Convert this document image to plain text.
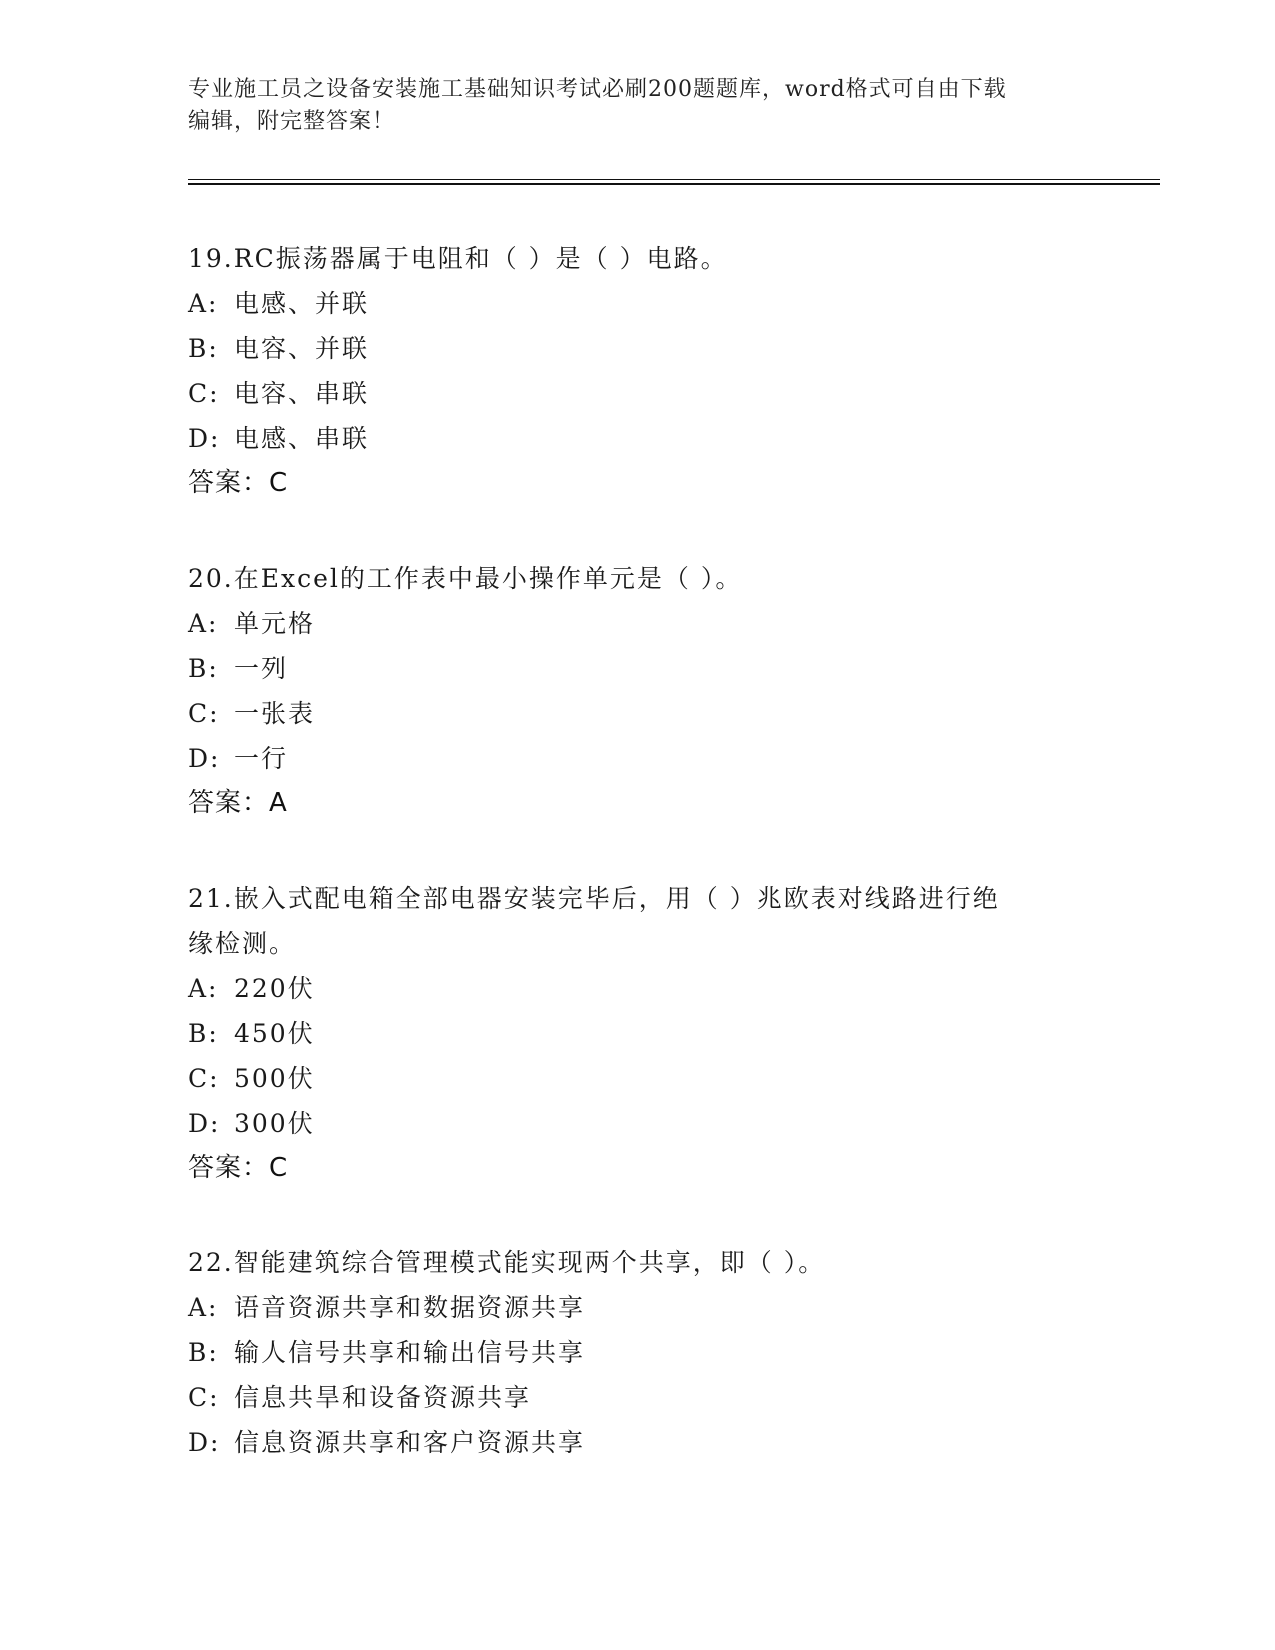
专业施工员之设备安装施工基础知识考试必刷200题题库，word格式可自由下载
编辑，附完整答案！

19.RC振荡器属于电阻和（ ）是（ ）电路。

A: 电感、并联

B: 电容、并联

C: 电容、串联

D: 电感、串联

答案：C

20.在Excel的工作表中最小操作单元是（ ）。

A: 单元格

B: 一列

C: 一张表

D: 一行

答案：A

21.嵌入式配电箱全部电器安装完毕后，用（ ）兆欧表对线路进行绝

缘检测。

A: 220伏

B: 450伏

C: 500伏

D: 300伏

答案：C

22.智能建筑综合管理模式能实现两个共享，即（ ）。

A: 语音资源共享和数据资源共享

B: 输人信号共享和输出信号共享

C: 信息共旱和设备资源共享

D: 信息资源共享和客户资源共享
